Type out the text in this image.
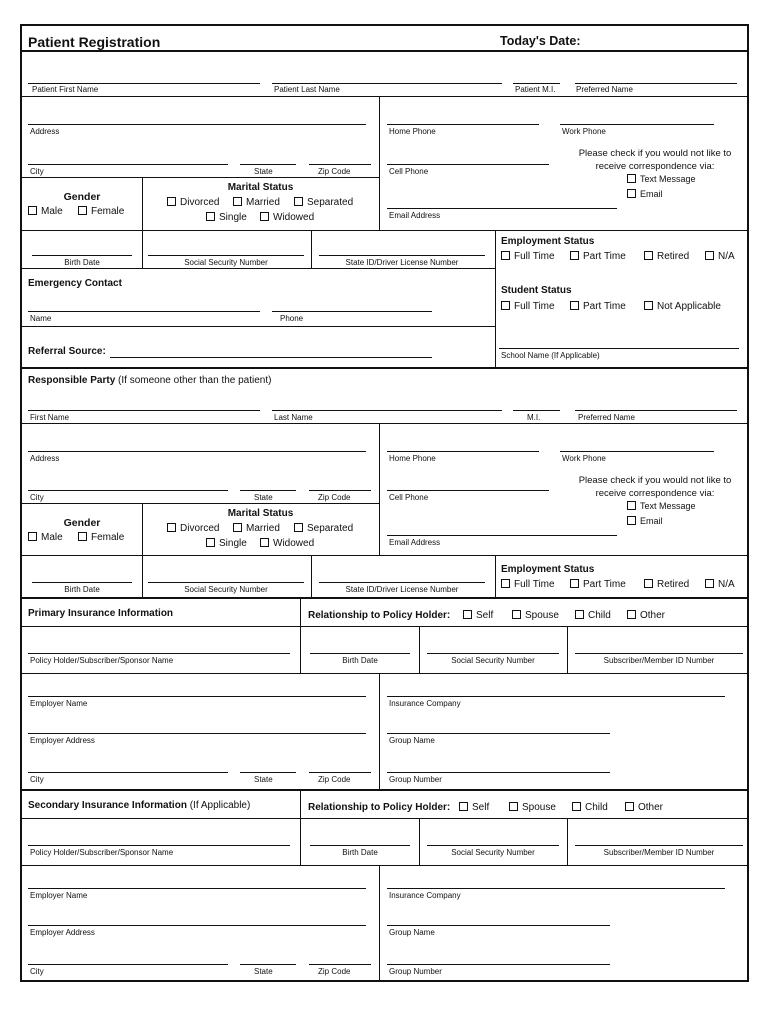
Patient Registration	Today's Date:
Patient First Name	Patient Last Name	Patient M.I.	Preferred Name
Address
City	State	Zip Code
Home Phone	Work Phone
Cell Phone
Email Address
Please check if you would not like to
receive correspondence via:
Text Message
Email
Gender
Male	Female
Marital Status
Divorced	Married	Separated
Single	Widowed
Birth Date	Social Security Number	State ID/Driver License Number
Employment Status
Full Time	Part Time	Retired	N/A
Emergency Contact
Name	Phone
Student Status
Full Time	Part Time	Not Applicable
Referral Source:	School Name (If Applicable)
Responsible Party (If someone other than the patient)
First Name	Last Name	M.I.	Preferred Name
Address
City	State	Zip Code
Home Phone	Work Phone
Cell Phone
Email Address
Please check if you would not like to
receive correspondence via:
Text Message
Email
Gender
Male	Female
Marital Status
Divorced	Married	Separated
Single	Widowed
Birth Date	Social Security Number	State ID/Driver License Number
Employment Status
Full Time	Part Time	Retired	N/A
Primary Insurance Information	Relationship to Policy Holder:	Self	Spouse	Child	Other
Policy Holder/Subscriber/Sponsor Name	Birth Date	Social Security Number	Subscriber/Member ID Number
Employer Name
Employer Address
City	State	Zip Code
Insurance Company
Group Name
Group Number
Secondary Insurance Information (If Applicable)	Relationship to Policy Holder:	Self	Spouse	Child	Other
Policy Holder/Subscriber/Sponsor Name	Birth Date	Social Security Number	Subscriber/Member ID Number
Employer Name
Employer Address
City	State	Zip Code
Insurance Company
Group Name
Group Number
